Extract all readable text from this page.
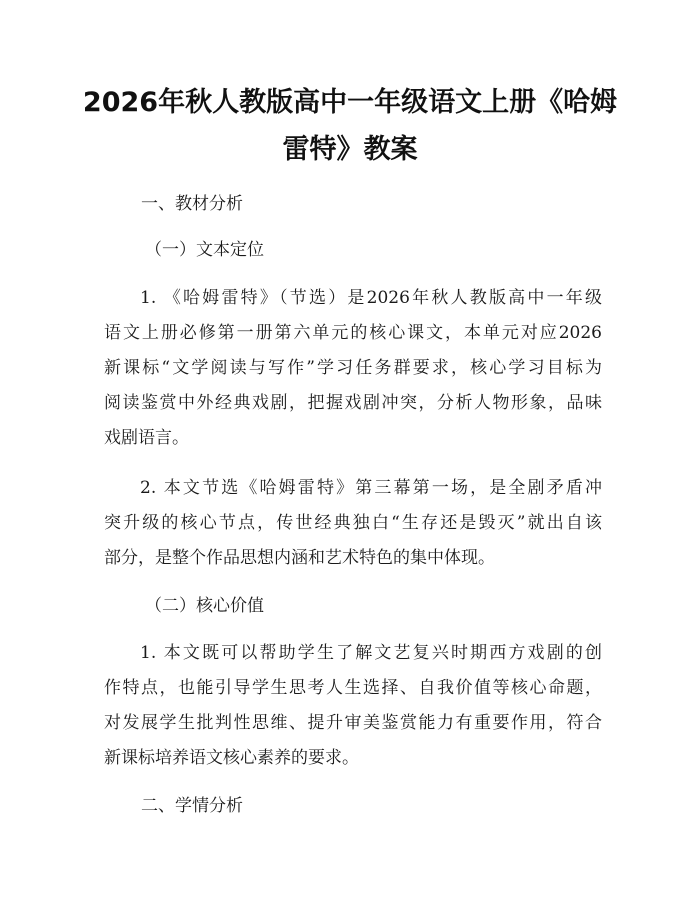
2026年秋人教版高中一年级语文上册《哈姆
雷特》教案
一、教材分析
（一）文本定位
1. 《哈姆雷特》（节选）是2026年秋人教版高中一年级
语文上册必修第一册第六单元的核心课文，本单元对应2026
新课标“文学阅读与写作”学习任务群要求，核心学习目标为
阅读鉴赏中外经典戏剧，把握戏剧冲突，分析人物形象，品味
戏剧语言。
2. 本文节选《哈姆雷特》第三幕第一场，是全剧矛盾冲
突升级的核心节点，传世经典独白“生存还是毁灭”就出自该
部分，是整个作品思想内涵和艺术特色的集中体现。
（二）核心价值
1. 本文既可以帮助学生了解文艺复兴时期西方戏剧的创
作特点，也能引导学生思考人生选择、自我价值等核心命题，
对发展学生批判性思维、提升审美鉴赏能力有重要作用，符合
新课标培养语文核心素养的要求。
二、学情分析
